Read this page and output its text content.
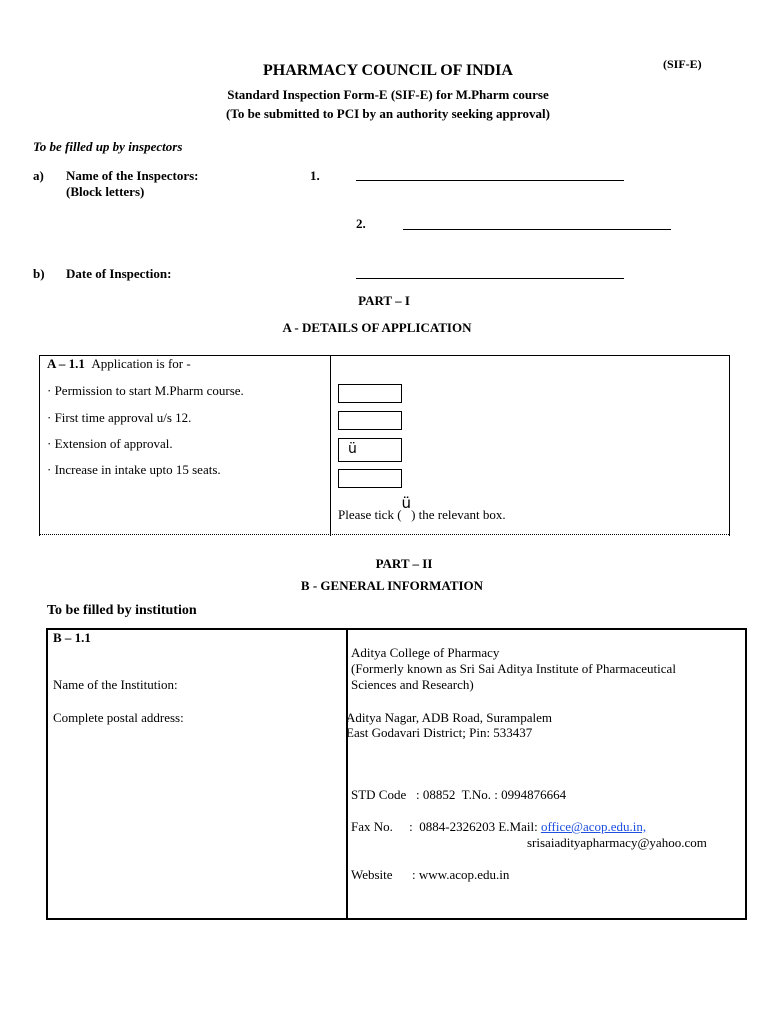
(SIF-E)
PHARMACY COUNCIL OF INDIA
Standard Inspection Form-E (SIF-E) for M.Pharm course
(To be submitted to PCI by an authority seeking approval)
To be filled up by inspectors
a) Name of the Inspectors:
(Block letters)
1.
2.
b) Date of Inspection:
PART – I
A - DETAILS OF APPLICATION
A – 1.1 Application is for -
· Permission to start M.Pharm course.
· First time approval u/s 12.
· Extension of approval.
· Increase in intake upto 15 seats.
ü
Please tick (ü) the relevant box.
PART – II
B - GENERAL INFORMATION
To be filled by institution
B – 1.1
Name of the Institution:
Complete postal address:
Aditya College of Pharmacy
(Formerly known as Sri Sai Aditya Institute of Pharmaceutical
Sciences and Research)
Aditya Nagar, ADB Road, Surampalem
East Godavari District; Pin: 533437
STD Code   : 08852  T.No. : 0994876664
Fax No.     :  0884-2326203 E.Mail: office@acop.edu.in,
srisaiadityapharmacy@yahoo.com
Website      : www.acop.edu.in
